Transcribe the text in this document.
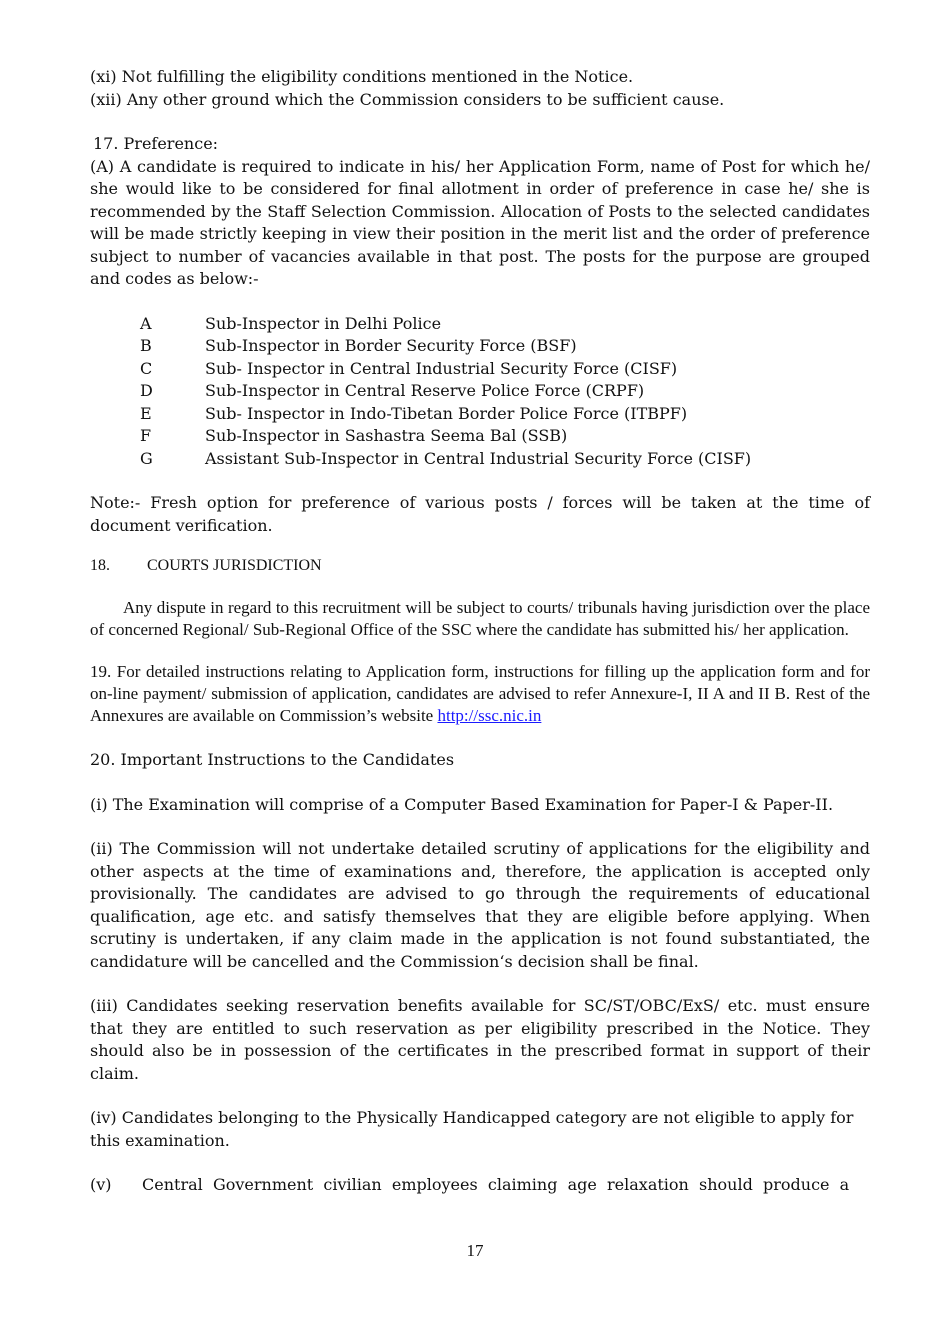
(xi) Not fulfilling the eligibility conditions mentioned in the Notice.

(xii) Any other ground which the Commission considers to be sufficient cause.

17. Preference:

(A) A candidate is required to indicate in his/ her Application Form, name of Post for which he/ she would like to be considered for final allotment in order of preference in case he/ she is recommended by the Staff Selection Commission. Allocation of Posts to the selected candidates will be made strictly keeping in view their position in the merit list and the order of preference subject to number of vacancies available in that post. The posts for the purpose are grouped and codes as below:-

A	Sub-Inspector in Delhi Police
B	Sub-Inspector in Border Security Force (BSF)
C	Sub- Inspector in Central Industrial Security Force (CISF)
D	Sub-Inspector in Central Reserve Police Force (CRPF)
E	Sub- Inspector in Indo-Tibetan Border Police Force (ITBPF)
F	Sub-Inspector in Sashastra Seema Bal (SSB)
G	Assistant Sub-Inspector in Central Industrial Security Force (CISF)

Note:- Fresh option for preference of various posts / forces will be taken at the time of document verification.

18. COURTS JURISDICTION

Any dispute in regard to this recruitment will be subject to courts/ tribunals having jurisdiction over the place of concerned Regional/ Sub-Regional Office of the SSC where the candidate has submitted his/ her application.

19. For detailed instructions relating to Application form, instructions for filling up the application form and for on-line payment/ submission of application, candidates are advised to refer Annexure-I, II A and II B. Rest of the Annexures are available on Commission’s website http://ssc.nic.in

20. Important Instructions to the Candidates

(i) The Examination will comprise of a Computer Based Examination for Paper-I & Paper-II.

(ii) The Commission will not undertake detailed scrutiny of applications for the eligibility and other aspects at the time of examinations and, therefore, the application is accepted only provisionally. The candidates are advised to go through the requirements of educational qualification, age etc. and satisfy themselves that they are eligible before applying. When scrutiny is undertaken, if any claim made in the application is not found substantiated, the candidature will be cancelled and the Commission‘s decision shall be final.

(iii) Candidates seeking reservation benefits available for SC/ST/OBC/ExS/ etc. must ensure that they are entitled to such reservation as per eligibility prescribed in the Notice. They should also be in possession of the certificates in the prescribed format in support of their claim.

(iv) Candidates belonging to the Physically Handicapped category are not eligible to apply for this examination.

(v)      Central  Government  civilian  employees  claiming  age  relaxation  should  produce  a

17
